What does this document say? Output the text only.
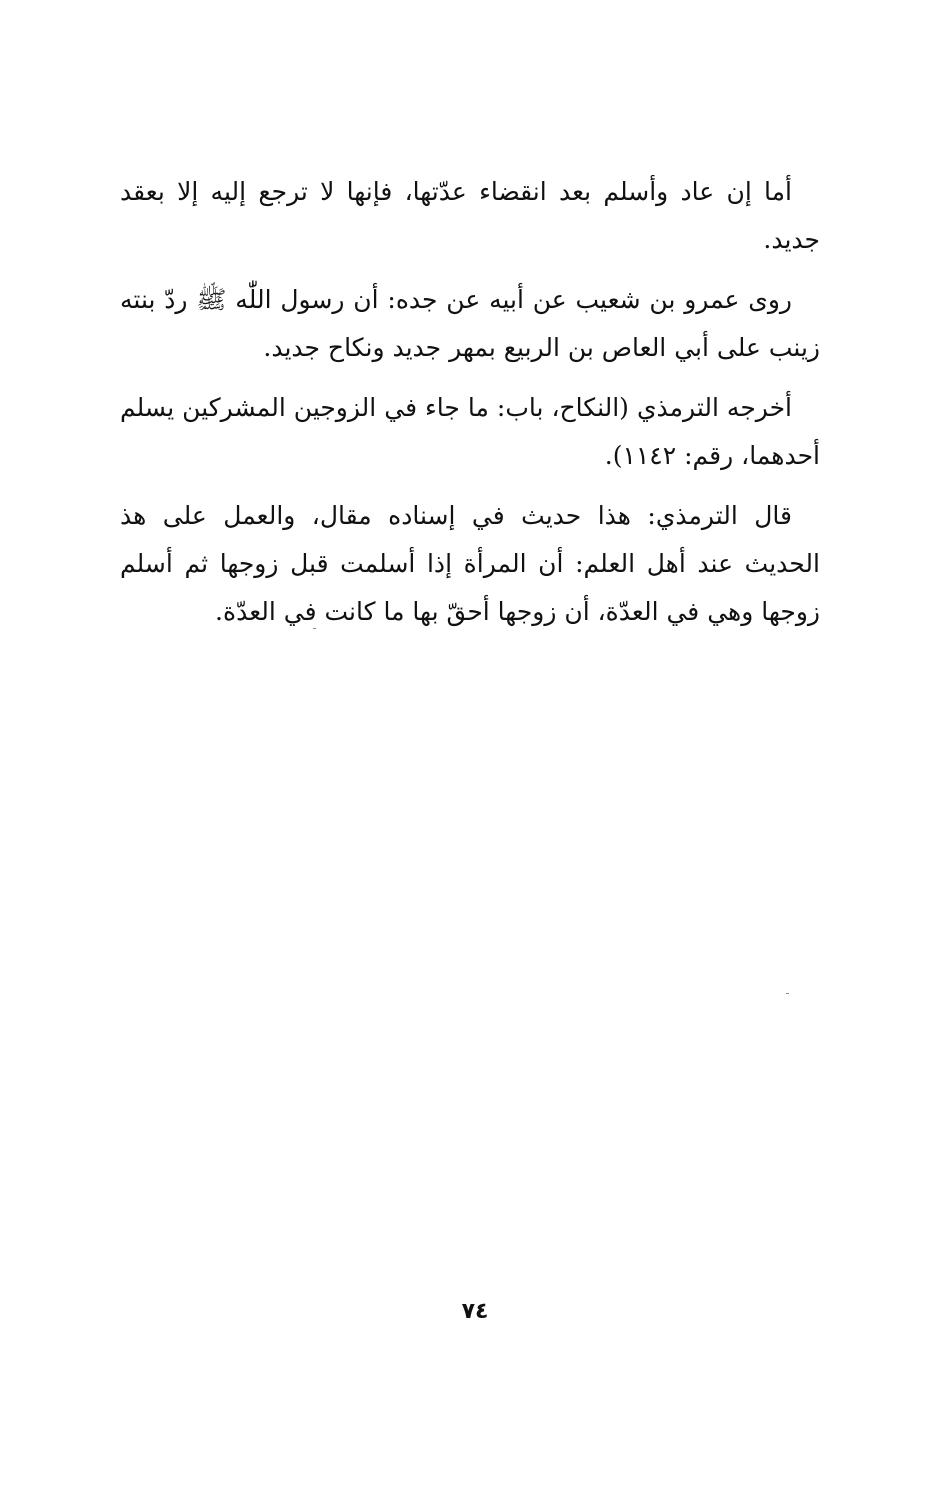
أما إن عاد وأسلم بعد انقضاء عدّتها، فإنها لا ترجع إليه إلا بعقد جديد.

روى عمرو بن شعيب عن أبيه عن جده: أن رسول اللّٰه ﷺ ردّ بنته زينب على أبي العاص بن الربيع بمهر جديد ونكاح جديد.

أخرجه الترمذي (النكاح، باب: ما جاء في الزوجين المشركين يسلم أحدهما، رقم: ١١٤٢).

قال الترمذي: هذا حديث في إسناده مقال، والعمل على هذ الحديث عند أهل العلم: أن المرأة إذا أسلمت قبل زوجها ثم أسلم زوجها وهي في العدّة، أن زوجها أحقّ بها ما كانت في العدّة.

٧٤
